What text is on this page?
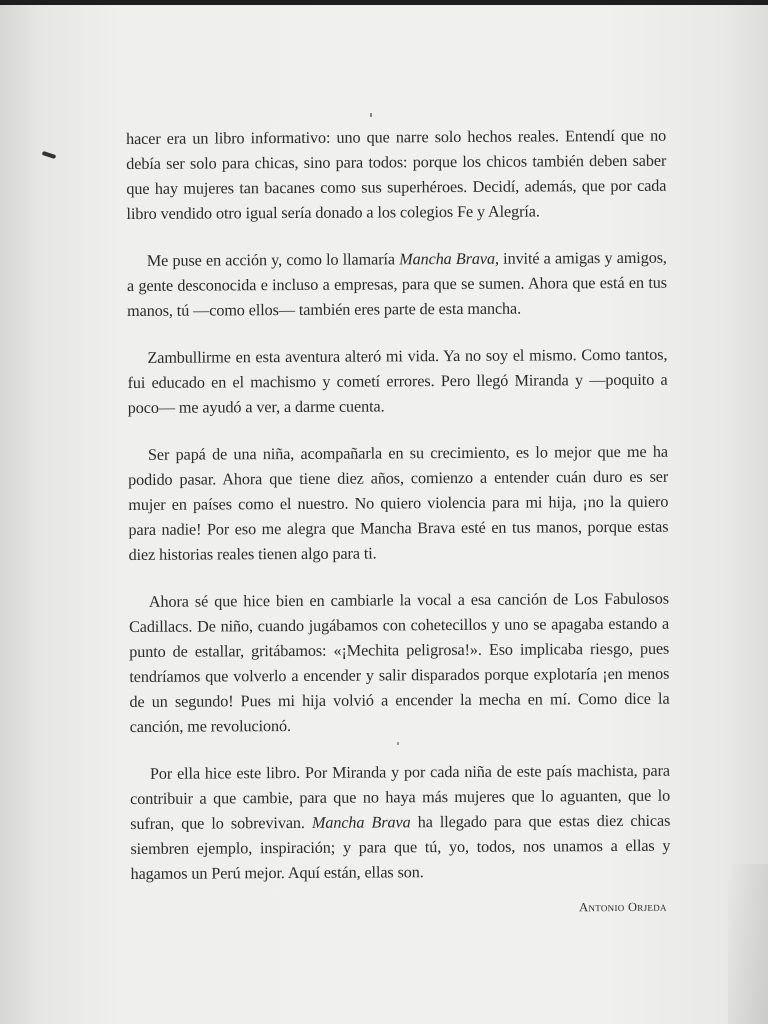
hacer era un libro informativo: uno que narre solo hechos reales. Entendí que no debía ser solo para chicas, sino para todos: porque los chicos también deben saber que hay mujeres tan bacanes como sus superhéroes. Decidí, además, que por cada libro vendido otro igual sería donado a los colegios Fe y Alegría.

Me puse en acción y, como lo llamaría Mancha Brava, invité a amigas y amigos, a gente desconocida e incluso a empresas, para que se sumen. Ahora que está en tus manos, tú —como ellos— también eres parte de esta mancha.

Zambullirme en esta aventura alteró mi vida. Ya no soy el mismo. Como tantos, fui educado en el machismo y cometí errores. Pero llegó Miranda y —poquito a poco— me ayudó a ver, a darme cuenta.

Ser papá de una niña, acompañarla en su crecimiento, es lo mejor que me ha podido pasar. Ahora que tiene diez años, comienzo a entender cuán duro es ser mujer en países como el nuestro. No quiero violencia para mi hija, ¡no la quiero para nadie! Por eso me alegra que Mancha Brava esté en tus manos, porque estas diez historias reales tienen algo para ti.

Ahora sé que hice bien en cambiarle la vocal a esa canción de Los Fabulosos Cadillacs. De niño, cuando jugábamos con cohetecillos y uno se apagaba estando a punto de estallar, gritábamos: «¡Mechita peligrosa!». Eso implicaba riesgo, pues tendríamos que volverlo a encender y salir disparados porque explotaría ¡en menos de un segundo! Pues mi hija volvió a encender la mecha en mí. Como dice la canción, me revolucionó.

Por ella hice este libro. Por Miranda y por cada niña de este país machista, para contribuir a que cambie, para que no haya más mujeres que lo aguanten, que lo sufran, que lo sobrevivan. Mancha Brava ha llegado para que estas diez chicas siembren ejemplo, inspiración; y para que tú, yo, todos, nos unamos a ellas y hagamos un Perú mejor. Aquí están, ellas son.

Antonio Orjeda
